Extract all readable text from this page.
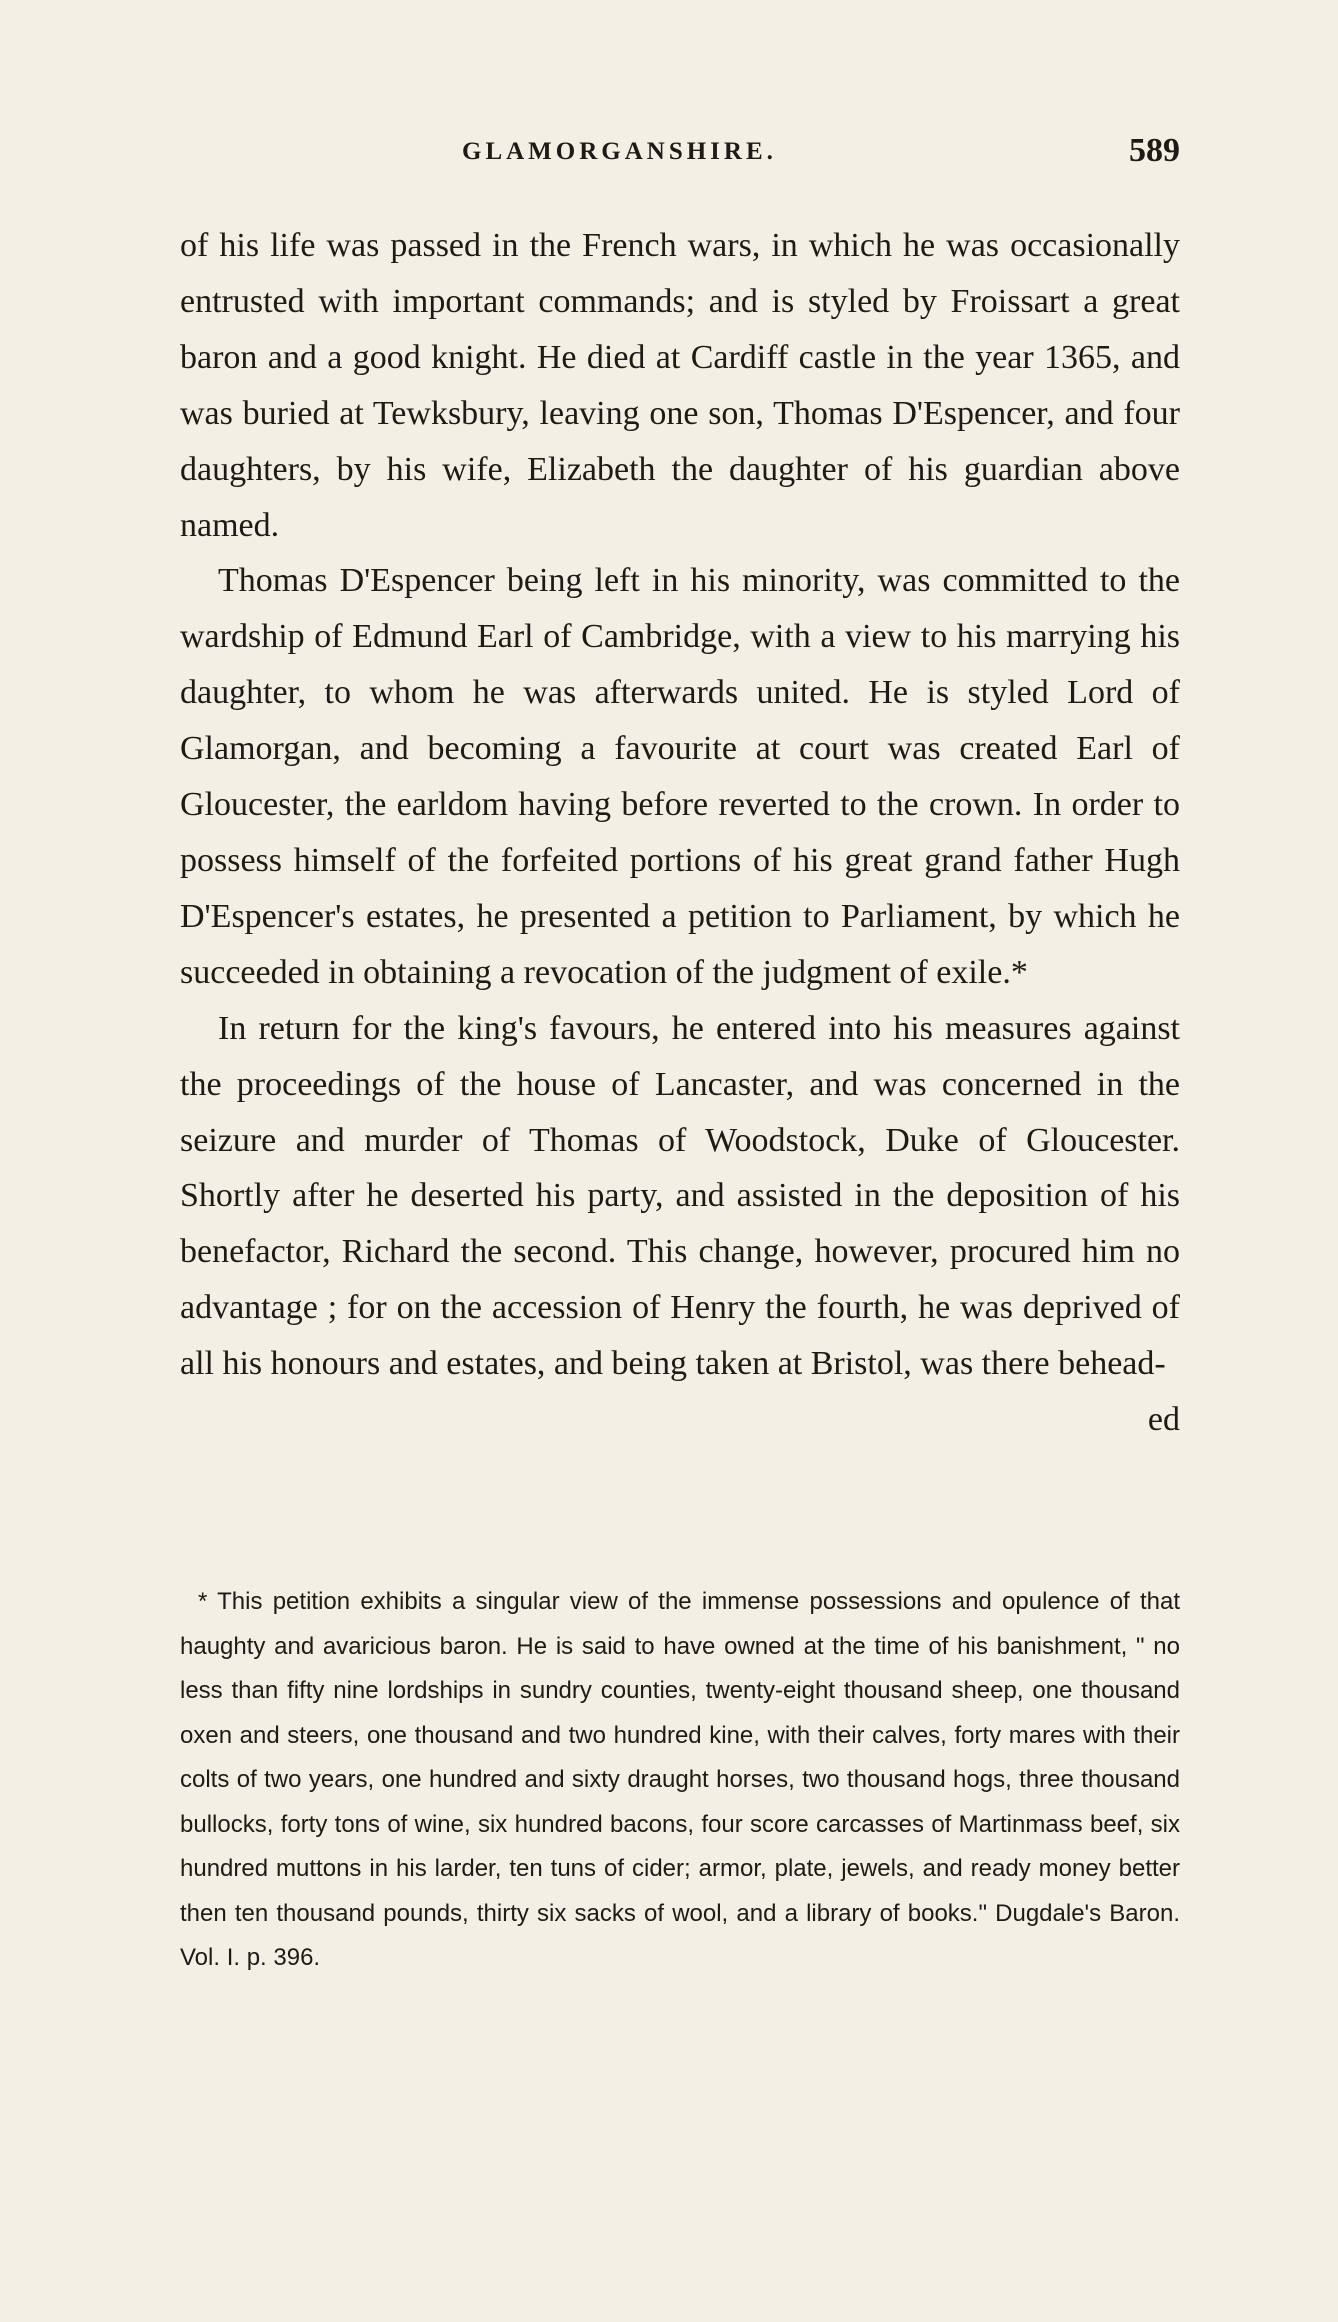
GLAMORGANSHIRE.	589

of his life was passed in the French wars, in which he was occasionally entrusted with important commands; and is styled by Froissart a great baron and a good knight. He died at Cardiff castle in the year 1365, and was buried at Tewksbury, leaving one son, Thomas D'Espencer, and four daughters, by his wife, Elizabeth the daughter of his guardian above named.

Thomas D'Espencer being left in his minority, was committed to the wardship of Edmund Earl of Cambridge, with a view to his marrying his daughter, to whom he was afterwards united. He is styled Lord of Glamorgan, and becoming a favourite at court was created Earl of Gloucester, the earldom having before reverted to the crown. In order to possess himself of the forfeited portions of his great grand father Hugh D'Espencer's estates, he presented a petition to Parliament, by which he succeeded in obtaining a revocation of the judgment of exile.*

In return for the king's favours, he entered into his measures against the proceedings of the house of Lancaster, and was concerned in the seizure and murder of Thomas of Woodstock, Duke of Gloucester. Shortly after he deserted his party, and assisted in the deposition of his benefactor, Richard the second. This change, however, procured him no advantage ; for on the accession of Henry the fourth, he was deprived of all his honours and estates, and being taken at Bristol, was there behead-

ed

* This petition exhibits a singular view of the immense possessions and opulence of that haughty and avaricious baron. He is said to have owned at the time of his banishment, " no less than fifty nine lordships in sundry counties, twenty-eight thousand sheep, one thousand oxen and steers, one thousand and two hundred kine, with their calves, forty mares with their colts of two years, one hundred and sixty draught horses, two thousand hogs, three thousand bullocks, forty tons of wine, six hundred bacons, four score carcasses of Martinmass beef, six hundred muttons in his larder, ten tuns of cider; armor, plate, jewels, and ready money better then ten thousand pounds, thirty six sacks of wool, and a library of books." Dugdale's Baron. Vol. I. p. 396.
